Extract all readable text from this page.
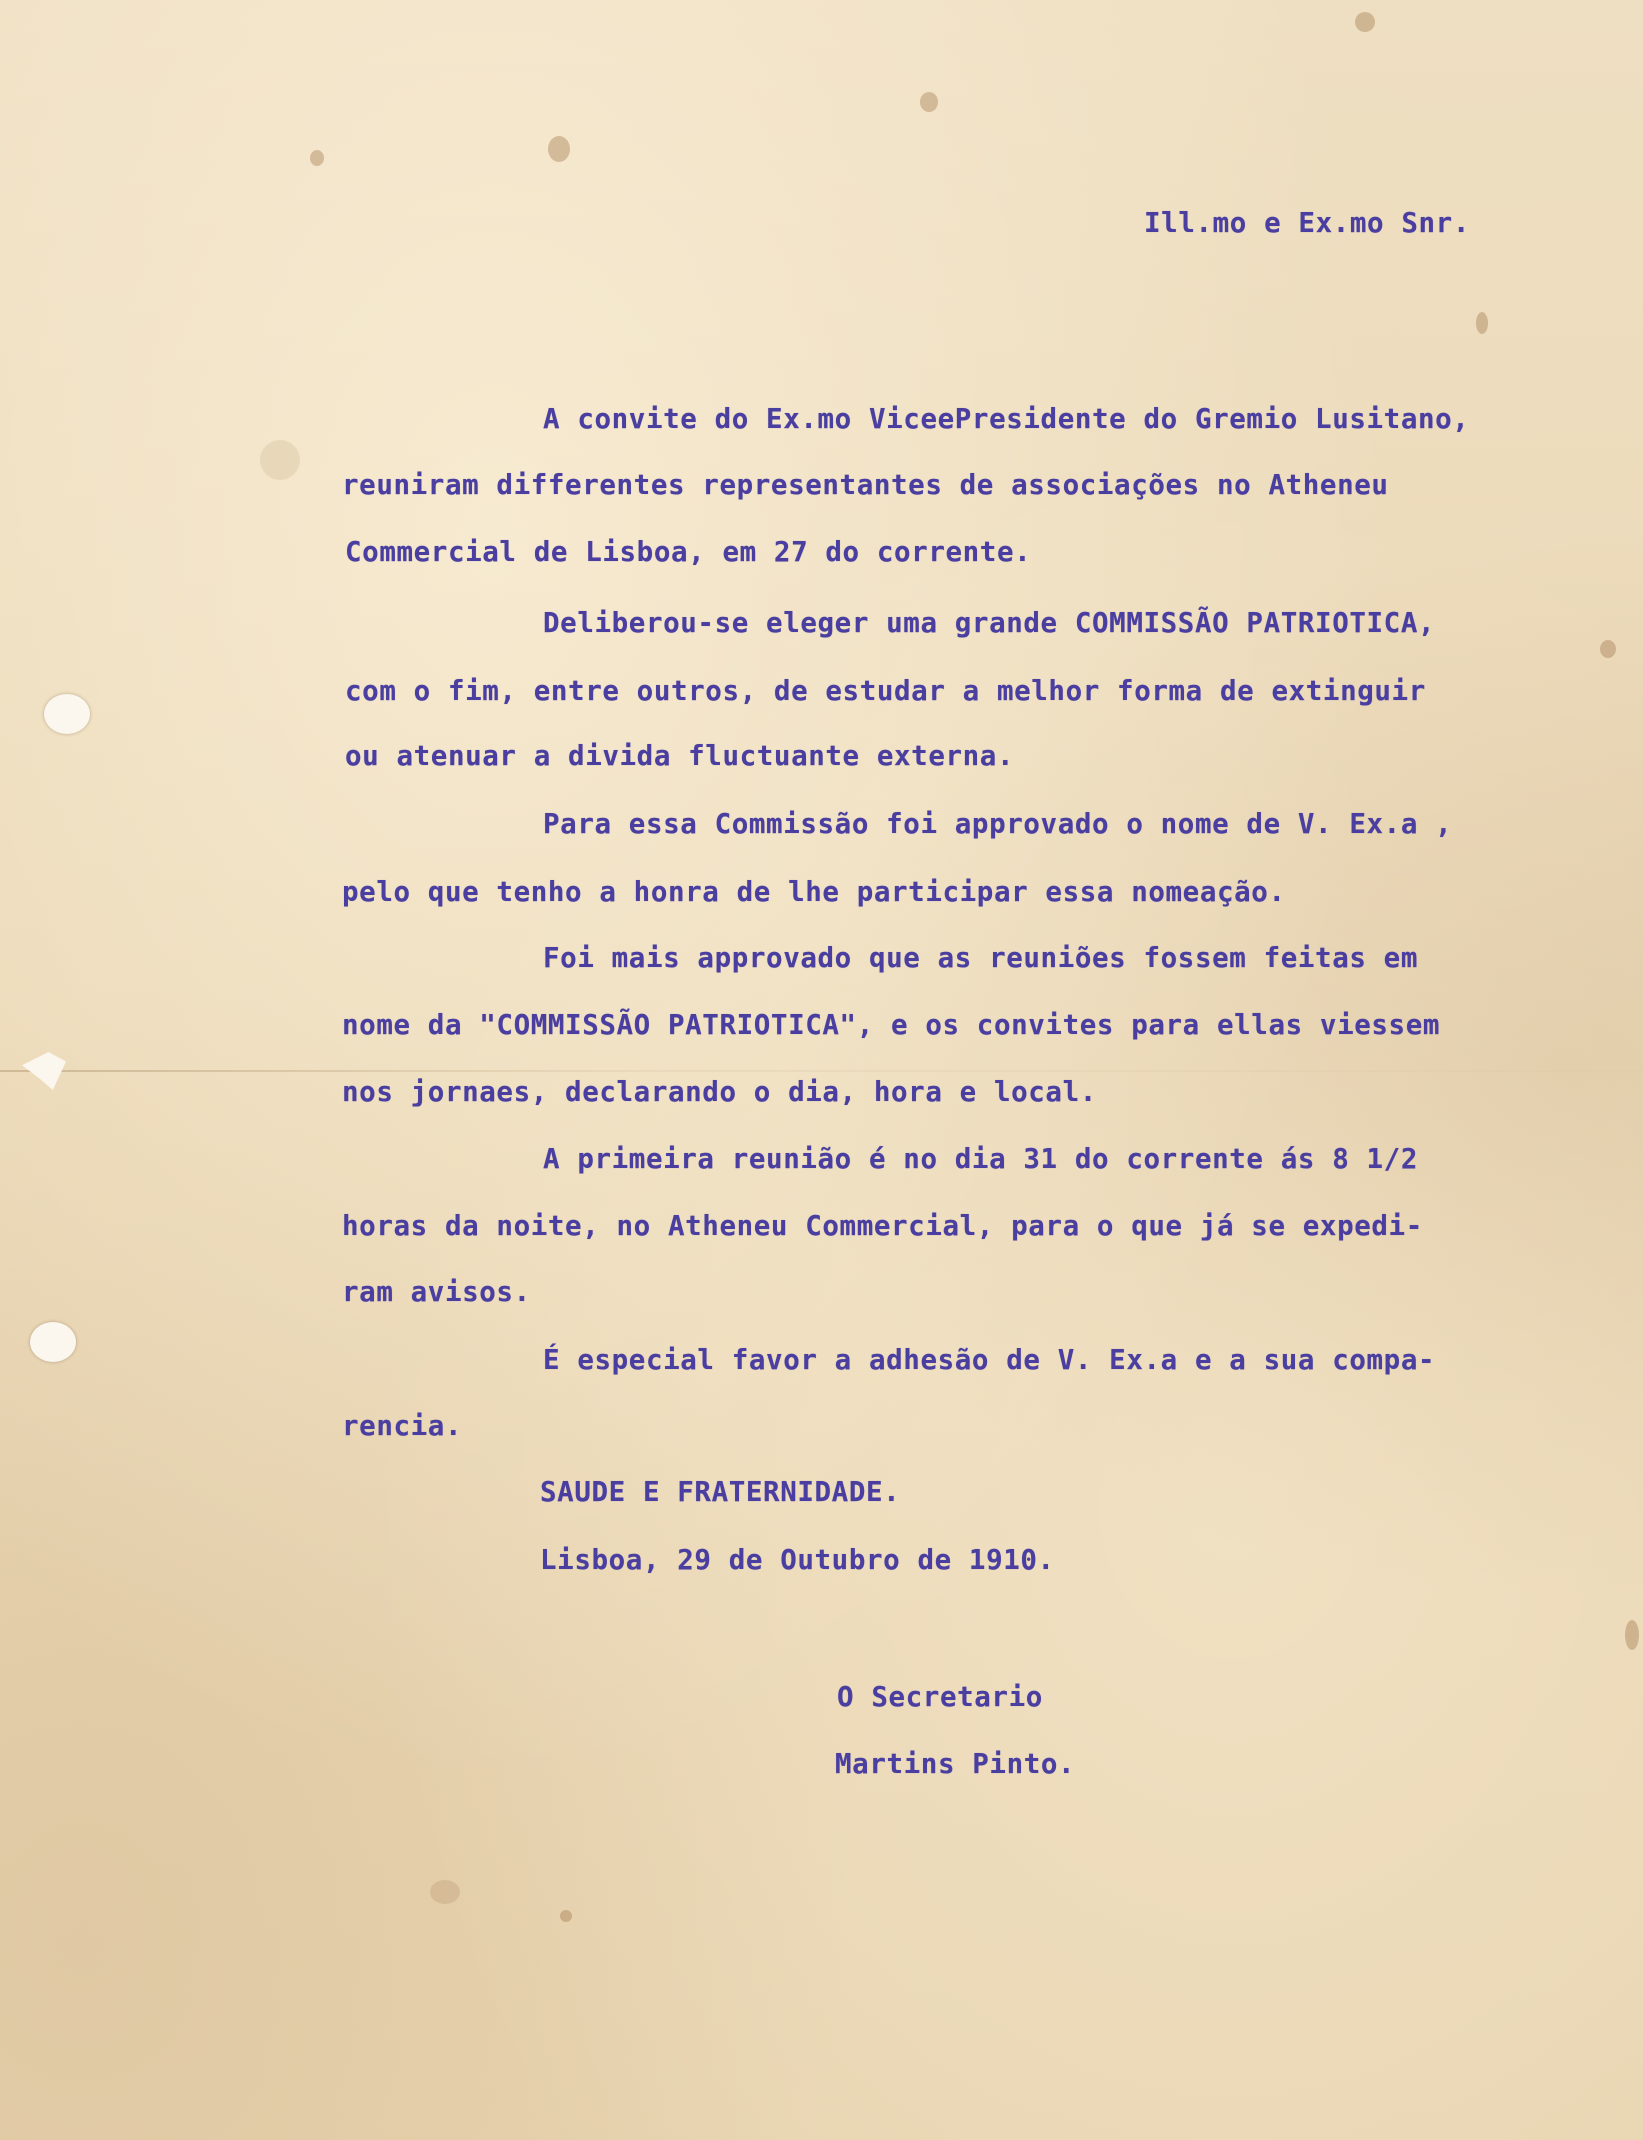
Ill.mo e Ex.mo Snr.

A convite do Ex.mo ViceePresidente do Gremio Lusitano,

reuniram differentes representantes de associações no Atheneu

Commercial de Lisboa, em 27 do corrente.

Deliberou-se eleger uma grande COMMISSÃO PATRIOTICA,

com o fim, entre outros, de estudar a melhor forma de extinguir

ou atenuar a divida fluctuante externa.

Para essa Commissão foi approvado o nome de V. Ex.a ,

pelo que tenho a honra de lhe participar essa nomeação.

Foi mais approvado que as reuniões fossem feitas em

nome da "COMMISSÃO PATRIOTICA", e os convites para ellas viessem

nos jornaes, declarando o dia, hora e local.

A primeira reunião é no dia 31 do corrente ás 8 1/2

horas da noite, no Atheneu Commercial, para o que já se expedi-

ram avisos.

É especial favor a adhesão de V. Ex.a e a sua compa-

rencia.

SAUDE E FRATERNIDADE.

Lisboa, 29 de Outubro de 1910.

O Secretario

Martins Pinto.
